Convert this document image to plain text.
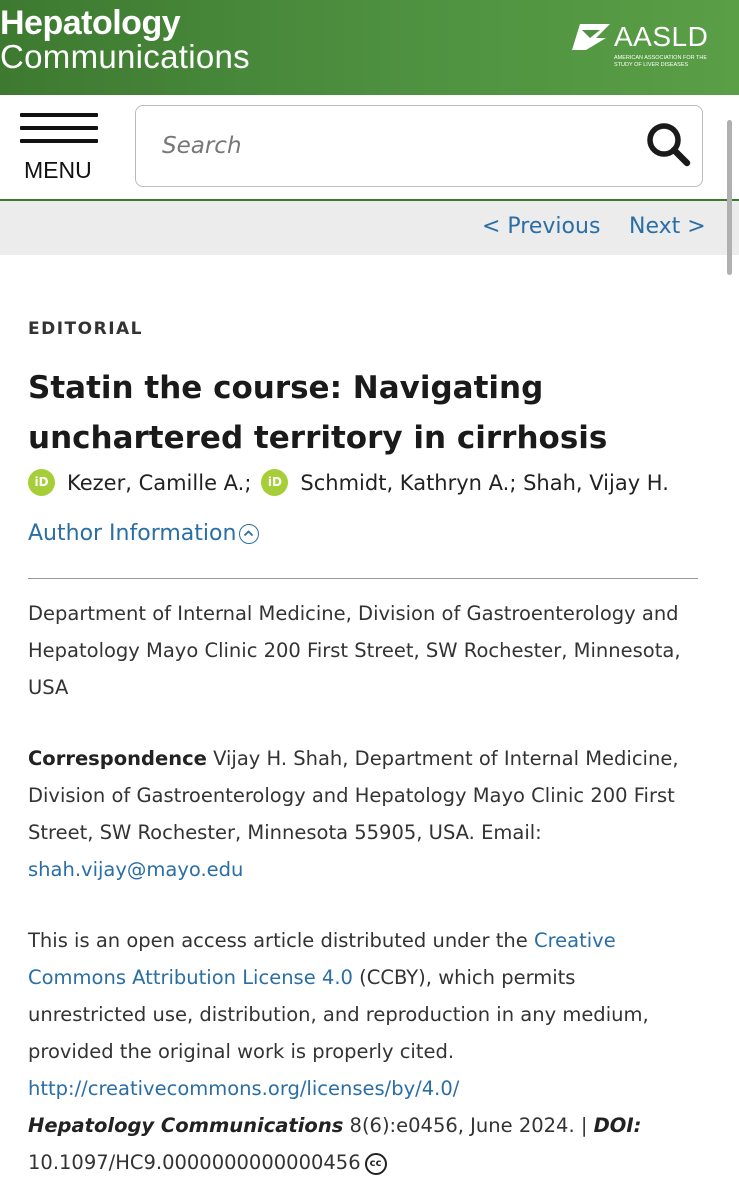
Hepatology
Communications
AASLD
AMERICAN ASSOCIATION FOR THE STUDY OF LIVER DISEASES
MENU
Search
< Previous Next >
EDITORIAL
Statin the course: Navigating unchartered territory in cirrhosis
iD Kezer, Camille A.;	iD Schmidt, Kathryn A.; Shah, Vijay H.
Author Information

Department of Internal Medicine, Division of Gastroenterology and Hepatology Mayo Clinic 200 First Street, SW Rochester, Minnesota, USA

Correspondence Vijay H. Shah, Department of Internal Medicine, Division of Gastroenterology and Hepatology Mayo Clinic 200 First Street, SW Rochester, Minnesota 55905, USA. Email:
shah.vijay@mayo.edu

This is an open access article distributed under the Creative Commons Attribution License 4.0 (CCBY), which permits unrestricted use, distribution, and reproduction in any medium, provided the original work is properly cited.
http://creativecommons.org/licenses/by/4.0/
Hepatology Communications 8(6):e0456, June 2024. | DOI: 10.1097/HC9.0000000000000456 cc
